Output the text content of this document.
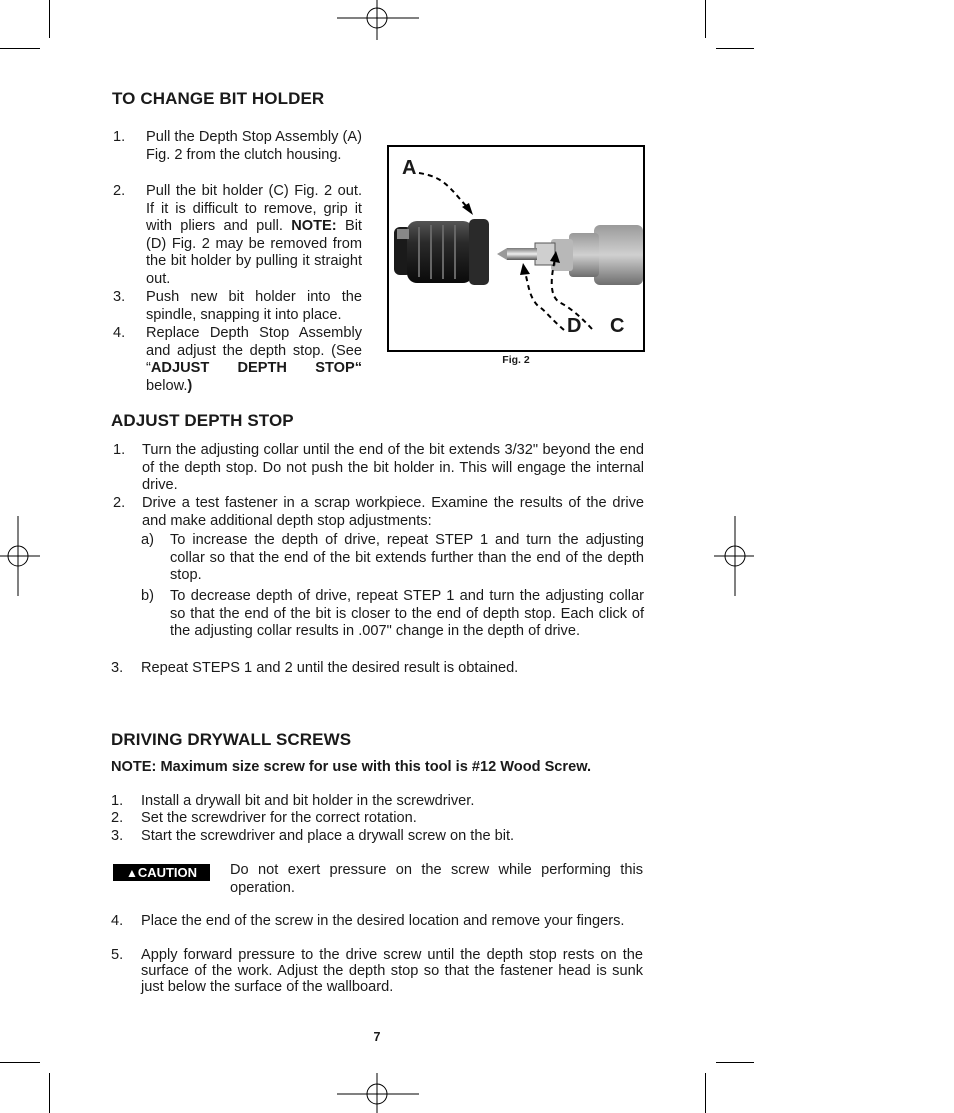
TO CHANGE BIT HOLDER
1. Pull the Depth Stop Assembly (A) Fig. 2 from the clutch housing.
2. Pull the bit holder (C) Fig. 2 out. If it is difficult to remove, grip it with pliers and pull. NOTE: Bit (D) Fig. 2 may be removed from the bit holder by pulling it straight out.
3. Push new bit holder into the spindle, snapping it into place.
4. Replace Depth Stop Assembly and adjust the depth stop. (See “ADJUST DEPTH STOP“ below.)
A
D C
Fig. 2
ADJUST DEPTH STOP
1. Turn the adjusting collar until the end of the bit extends 3/32" beyond the end of the depth stop. Do not push the bit holder in. This will engage the internal drive.
2. Drive a test fastener in a scrap workpiece. Examine the results of the drive and make additional depth stop adjustments:
a) To increase the depth of drive, repeat STEP 1 and turn the adjusting collar so that the end of the bit extends further than the end of the depth stop.
b) To decrease depth of drive, repeat STEP 1 and turn the adjusting collar so that the end of the bit is closer to the end of depth stop. Each click of the adjusting collar results in .007" change in the depth of drive.
3. Repeat STEPS 1 and 2 until the desired result is obtained.
DRIVING DRYWALL SCREWS
NOTE: Maximum size screw for use with this tool is #12 Wood Screw.
1. Install a drywall bit and bit holder in the screwdriver.
2. Set the screwdriver for the correct rotation.
3. Start the screwdriver and place a drywall screw on the bit.
▲CAUTION	Do not exert pressure on the screw while performing this operation.
4. Place the end of the screw in the desired location and remove your fingers.
5. Apply forward pressure to the drive screw until the depth stop rests on the surface of the work. Adjust the depth stop so that the fastener head is sunk just below the surface of the wallboard.
7
